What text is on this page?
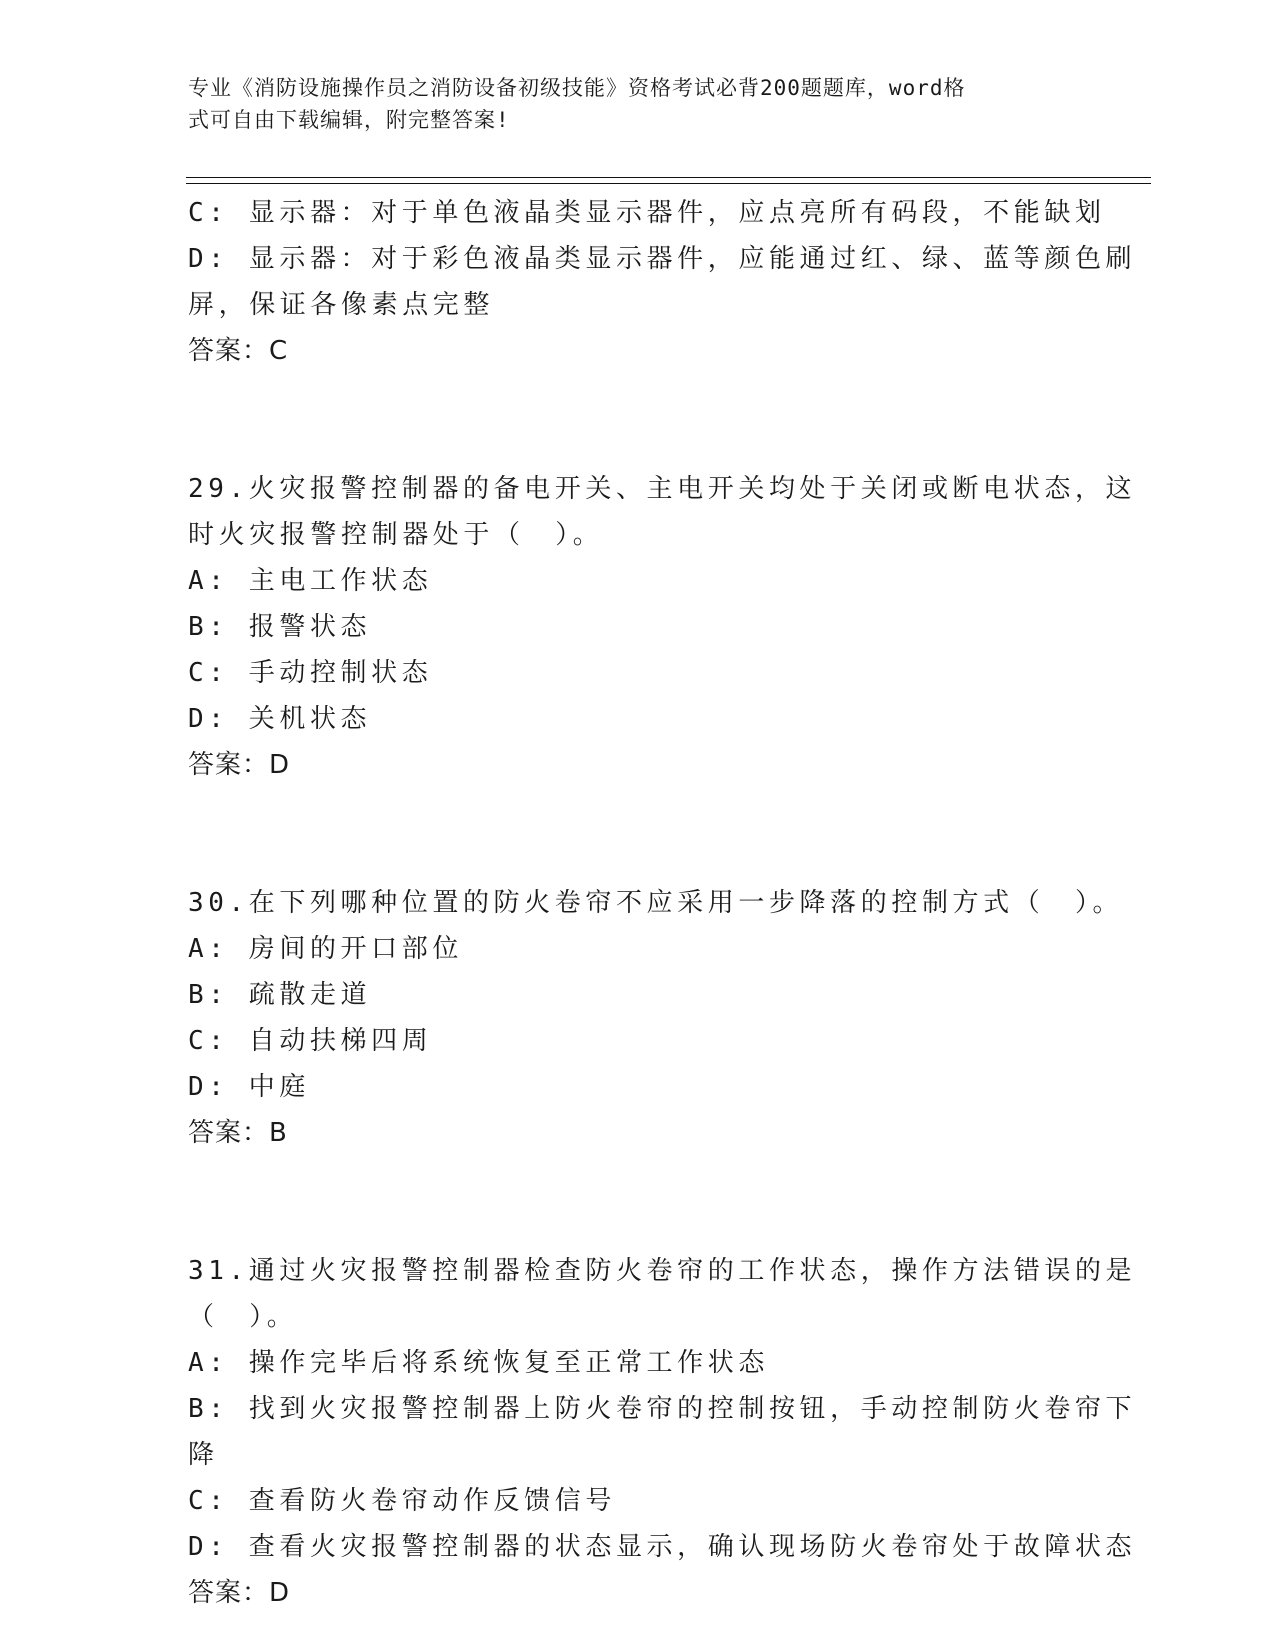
专业《消防设施操作员之消防设备初级技能》资格考试必背200题题库，word格
式可自由下载编辑，附完整答案!
C: 显示器：对于单色液晶类显示器件，应点亮所有码段，不能缺划
D: 显示器：对于彩色液晶类显示器件，应能通过红、绿、蓝等颜色刷
屏，保证各像素点完整
答案：C
29.火灾报警控制器的备电开关、主电开关均处于关闭或断电状态，这
时火灾报警控制器处于（　）。
A: 主电工作状态
B: 报警状态
C: 手动控制状态
D: 关机状态
答案：D
30.在下列哪种位置的防火卷帘不应采用一步降落的控制方式（　）。
A: 房间的开口部位
B: 疏散走道
C: 自动扶梯四周
D: 中庭
答案：B
31.通过火灾报警控制器检查防火卷帘的工作状态，操作方法错误的是
（　）。
A: 操作完毕后将系统恢复至正常工作状态
B: 找到火灾报警控制器上防火卷帘的控制按钮，手动控制防火卷帘下
降
C: 查看防火卷帘动作反馈信号
D: 查看火灾报警控制器的状态显示，确认现场防火卷帘处于故障状态
答案：D
